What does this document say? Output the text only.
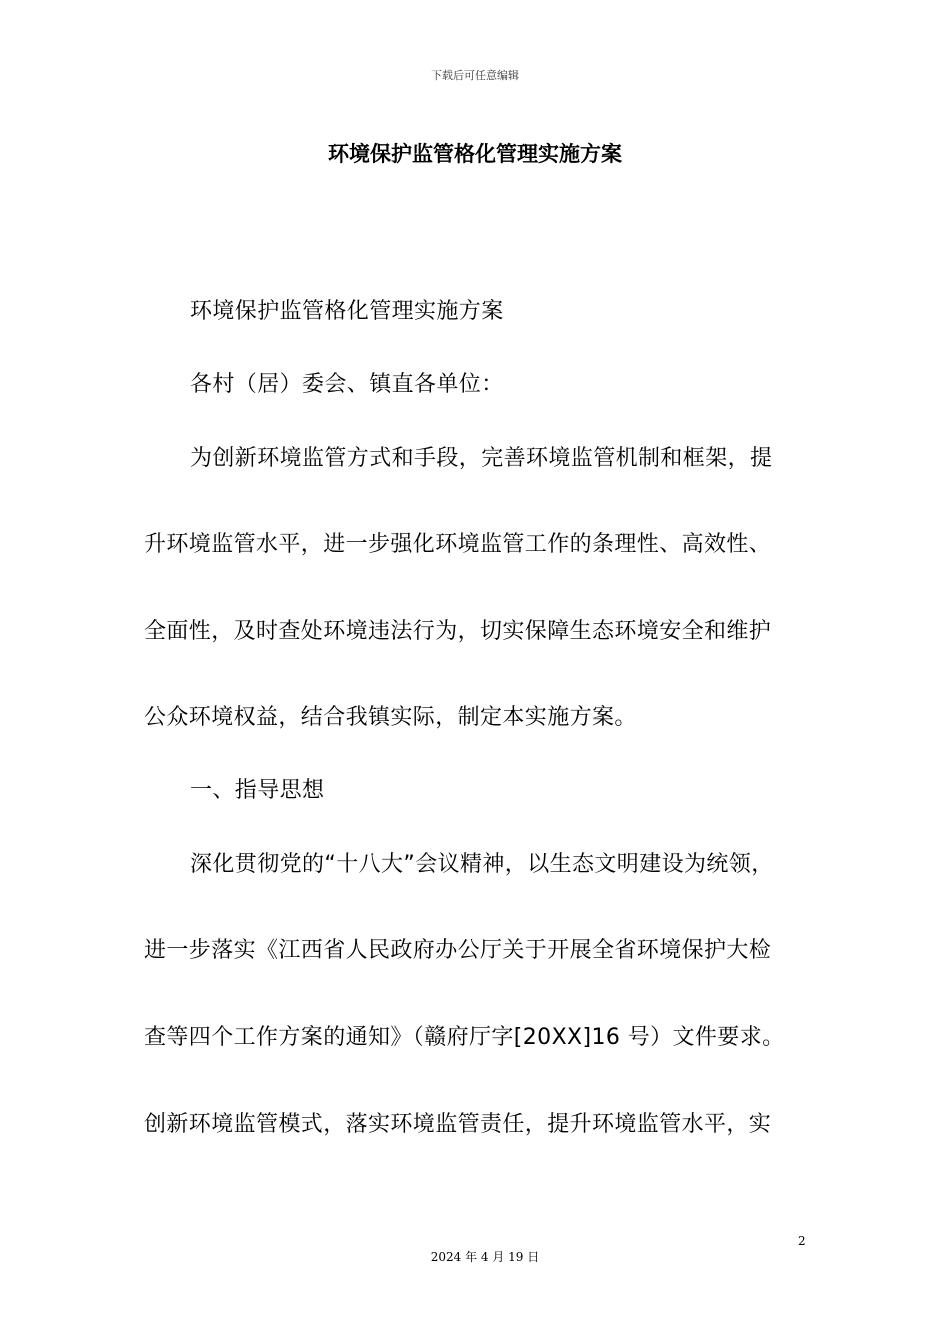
下载后可任意编辑
环境保护监管格化管理实施方案
环境保护监管格化管理实施方案
各村（居）委会、镇直各单位：
为创新环境监管方式和手段，完善环境监管机制和框架，提
升环境监管水平，进一步强化环境监管工作的条理性、高效性、
全面性，及时查处环境违法行为，切实保障生态环境安全和维护
公众环境权益，结合我镇实际，制定本实施方案。
一、指导思想
深化贯彻党的“十八大”会议精神，以生态文明建设为统领，
进一步落实《江西省人民政府办公厅关于开展全省环境保护大检
查等四个工作方案的通知》（赣府厅字[20XX]16 号）文件要求。
创新环境监管模式，落实环境监管责任，提升环境监管水平，实
2
2024 年 4 月 19 日
